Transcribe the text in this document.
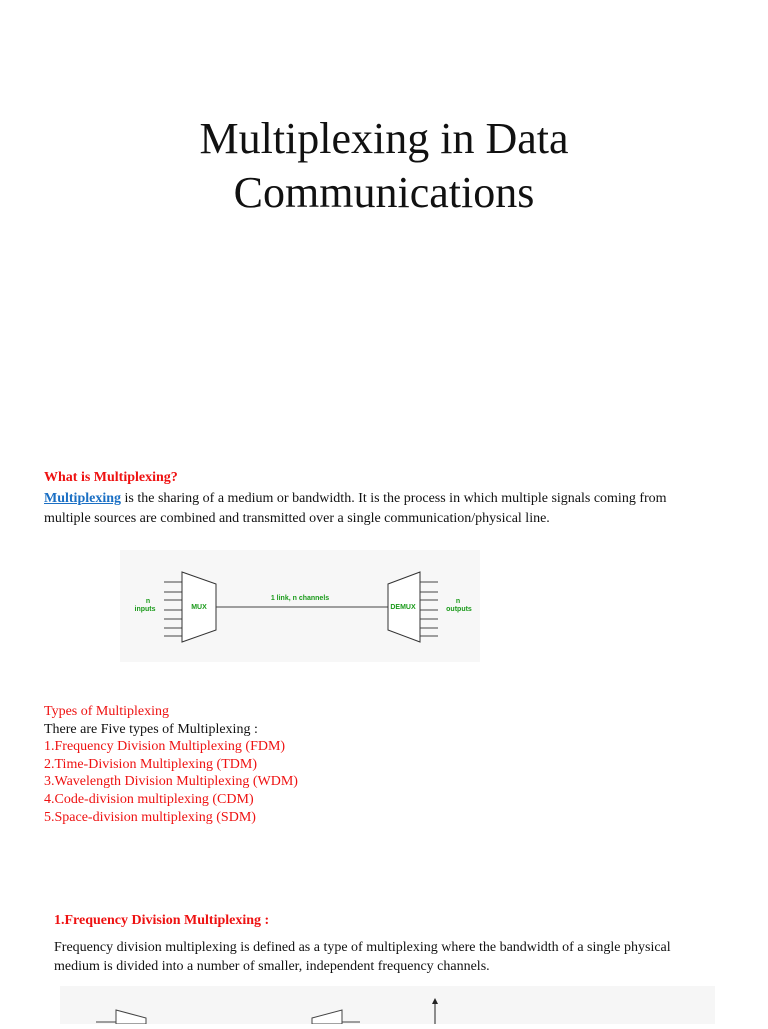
Multiplexing in Data
Communications
What is Multiplexing?
Multiplexing is the sharing of a medium or bandwidth. It is the process in which multiple signals coming from multiple sources are combined and transmitted over a single communication/physical line.
n
inputs	MUX
1 link, n channels
DEMUX
n
outputs
Types of Multiplexing
There are Five types of Multiplexing :
1.Frequency Division Multiplexing (FDM)
2.Time-Division Multiplexing (TDM)
3.Wavelength Division Multiplexing (WDM)
4.Code-division multiplexing (CDM)
5.Space-division multiplexing (SDM)
1.Frequency Division Multiplexing :
Frequency division multiplexing is defined as a type of multiplexing where the bandwidth of a single physical medium is divided into a number of smaller, independent frequency channels.
